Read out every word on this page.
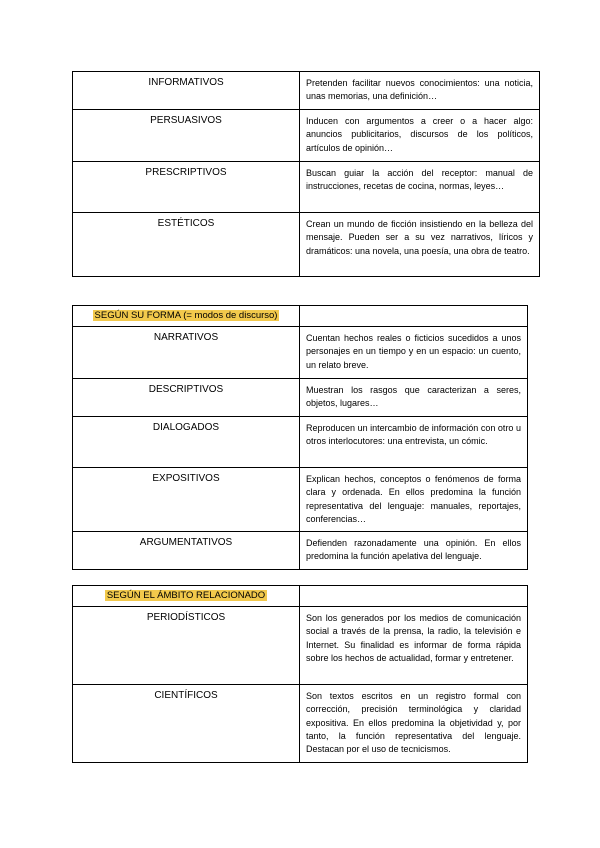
INFORMATIVOS	Pretenden facilitar nuevos conocimientos: una noticia, unas memorias, una definición…
PERSUASIVOS	Inducen con argumentos a creer o a hacer algo: anuncios publicitarios, discursos de los políticos, artículos de opinión…
PRESCRIPTIVOS	Buscan guiar la acción del receptor: manual de instrucciones, recetas de cocina, normas, leyes…
ESTÉTICOS	Crean un mundo de ficción insistiendo en la belleza del mensaje. Pueden ser a su vez narrativos, líricos y dramáticos: una novela, una poesía, una obra de teatro.
SEGÚN SU FORMA (= modos de discurso)	
NARRATIVOS	Cuentan hechos reales o ficticios sucedidos a unos personajes en un tiempo y en un espacio: un cuento, un relato breve.
DESCRIPTIVOS	Muestran los rasgos que caracterizan a seres, objetos, lugares…
DIALOGADOS	Reproducen un intercambio de información con otro u otros interlocutores: una entrevista, un cómic.
EXPOSITIVOS	Explican hechos, conceptos o fenómenos de forma clara y ordenada. En ellos predomina la función representativa del lenguaje: manuales, reportajes, conferencias…
ARGUMENTATIVOS	Defienden razonadamente una opinión. En ellos predomina la función apelativa del lenguaje.
SEGÚN EL ÁMBITO RELACIONADO	
PERIODÍSTICOS	Son los generados por los medios de comunicación social a través de la prensa, la radio, la televisión e Internet. Su finalidad es informar de forma rápida sobre los hechos de actualidad, formar y entretener.
CIENTÍFICOS	Son textos escritos en un registro formal con corrección, precisión terminológica y claridad expositiva. En ellos predomina la objetividad y, por tanto, la función representativa del lenguaje. Destacan por el uso de tecnicismos.
